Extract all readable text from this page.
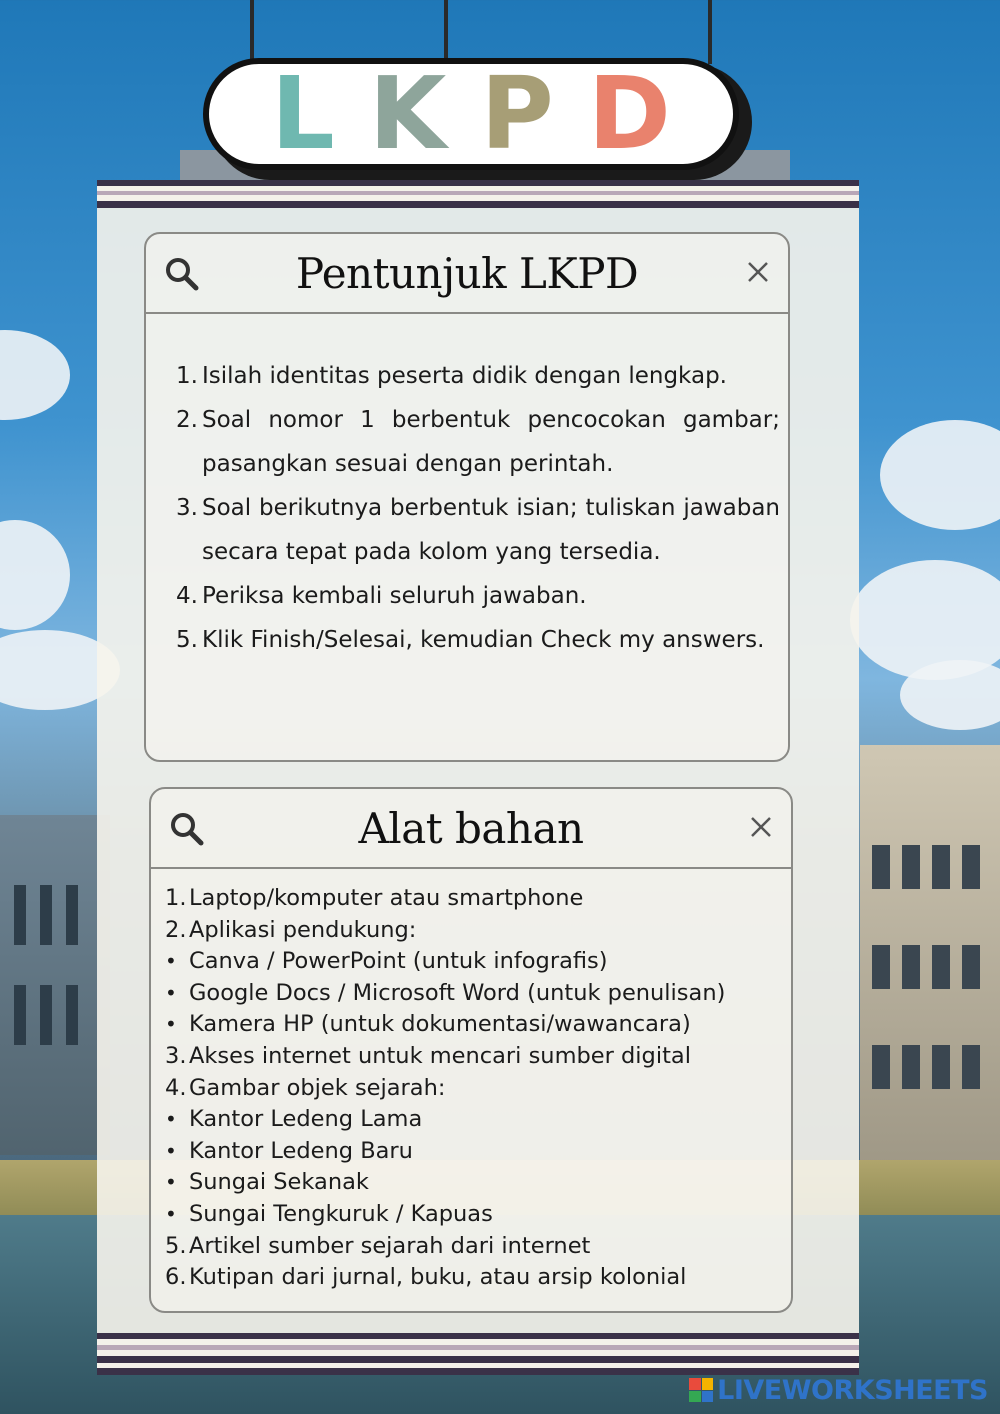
L K P D
Pentunjuk LKPD
1. Isilah identitas peserta didik dengan lengkap.
2. Soal nomor 1 berbentuk pencocokan gambar; pasangkan sesuai dengan perintah.
3. Soal berikutnya berbentuk isian; tuliskan jawaban secara tepat pada kolom yang tersedia.
4. Periksa kembali seluruh jawaban.
5. Klik Finish/Selesai, kemudian Check my answers.
Alat bahan
1. Laptop/komputer atau smartphone
2. Aplikasi pendukung:
• Canva / PowerPoint (untuk infografis)
• Google Docs / Microsoft Word (untuk penulisan)
• Kamera HP (untuk dokumentasi/wawancara)
3. Akses internet untuk mencari sumber digital
4. Gambar objek sejarah:
• Kantor Ledeng Lama
• Kantor Ledeng Baru
• Sungai Sekanak
• Sungai Tengkuruk / Kapuas
5. Artikel sumber sejarah dari internet
6. Kutipan dari jurnal, buku, atau arsip kolonial
LIVEWORKSHEETS
